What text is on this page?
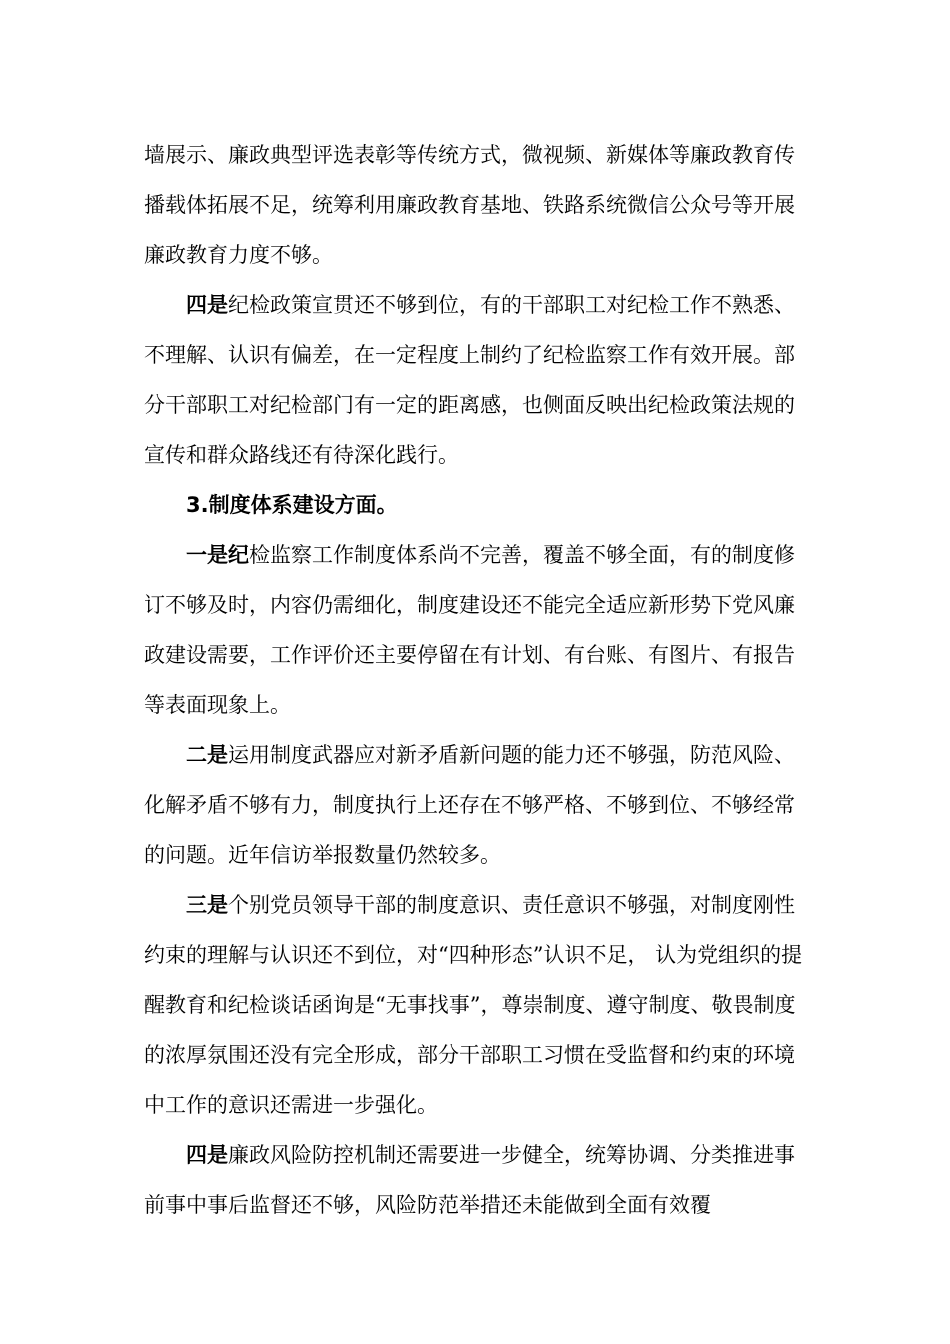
墙展示、廉政典型评选表彰等传统方式，微视频、新媒体等廉政教育传播载体拓展不足，统筹利用廉政教育基地、铁路系统微信公众号等开展廉政教育力度不够。

四是纪检政策宣贯还不够到位，有的干部职工对纪检工作不熟悉、不理解、认识有偏差，在一定程度上制约了纪检监察工作有效开展。部分干部职工对纪检部门有一定的距离感，也侧面反映出纪检政策法规的宣传和群众路线还有待深化践行。

3.制度体系建设方面。

一是纪检监察工作制度体系尚不完善，覆盖不够全面，有的制度修订不够及时，内容仍需细化，制度建设还不能完全适应新形势下党风廉政建设需要，工作评价还主要停留在有计划、有台账、有图片、有报告等表面现象上。

二是运用制度武器应对新矛盾新问题的能力还不够强，防范风险、化解矛盾不够有力，制度执行上还存在不够严格、不够到位、不够经常的问题。近年信访举报数量仍然较多。

三是个别党员领导干部的制度意识、责任意识不够强，对制度刚性约束的理解与认识还不到位，对“四种形态”认识不足， 认为党组织的提醒教育和纪检谈话函询是“无事找事”，尊崇制度、遵守制度、敬畏制度的浓厚氛围还没有完全形成，部分干部职工习惯在受监督和约束的环境中工作的意识还需进一步强化。

四是廉政风险防控机制还需要进一步健全，统筹协调、分类推进事前事中事后监督还不够，风险防范举措还未能做到全面有效覆
